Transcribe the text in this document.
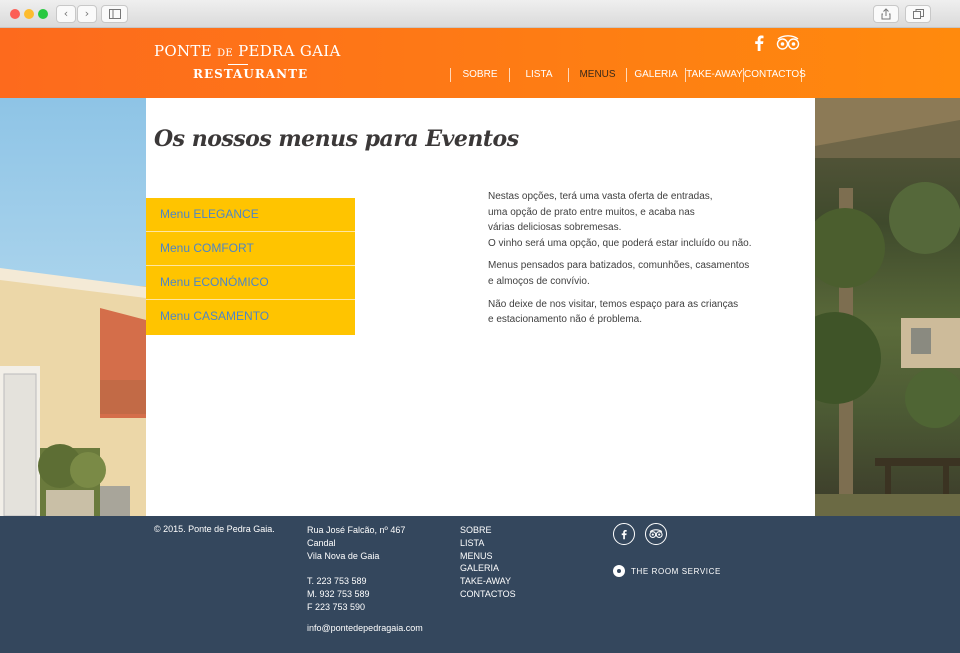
‹	›
PONTE DE PEDRA GAIA
RESTAURANTE	SOBRE	LISTA	MENUS	GALERIA TAKE-AWAY CONTACTOS
Os nossos menus para Eventos
Menu ELEGANCE
Menu COMFORT
Menu ECONÓMICO
Menu CASAMENTO

Nestas opções, terá uma vasta oferta de entradas,
uma opção de prato entre muitos, e acaba nas
várias deliciosas sobremesas.
O vinho será uma opção, que poderá estar incluído ou não.

Menus pensados para batizados, comunhões, casamentos
e almoços de convívio.

Não deixe de nos visitar, temos espaço para as crianças
e estacionamento não é problema.

© 2015. Ponte de Pedra Gaia.	Rua José Falcão, nº 467
Candal
Vila Nova de Gaia
T. 223 753 589
M. 932 753 589
F 223 753 590
info@pontedepedragaia.com
SOBRE
LISTA
MENUS
GALERIA
TAKE-AWAY
CONTACTOS
THE ROOM SERVICE
